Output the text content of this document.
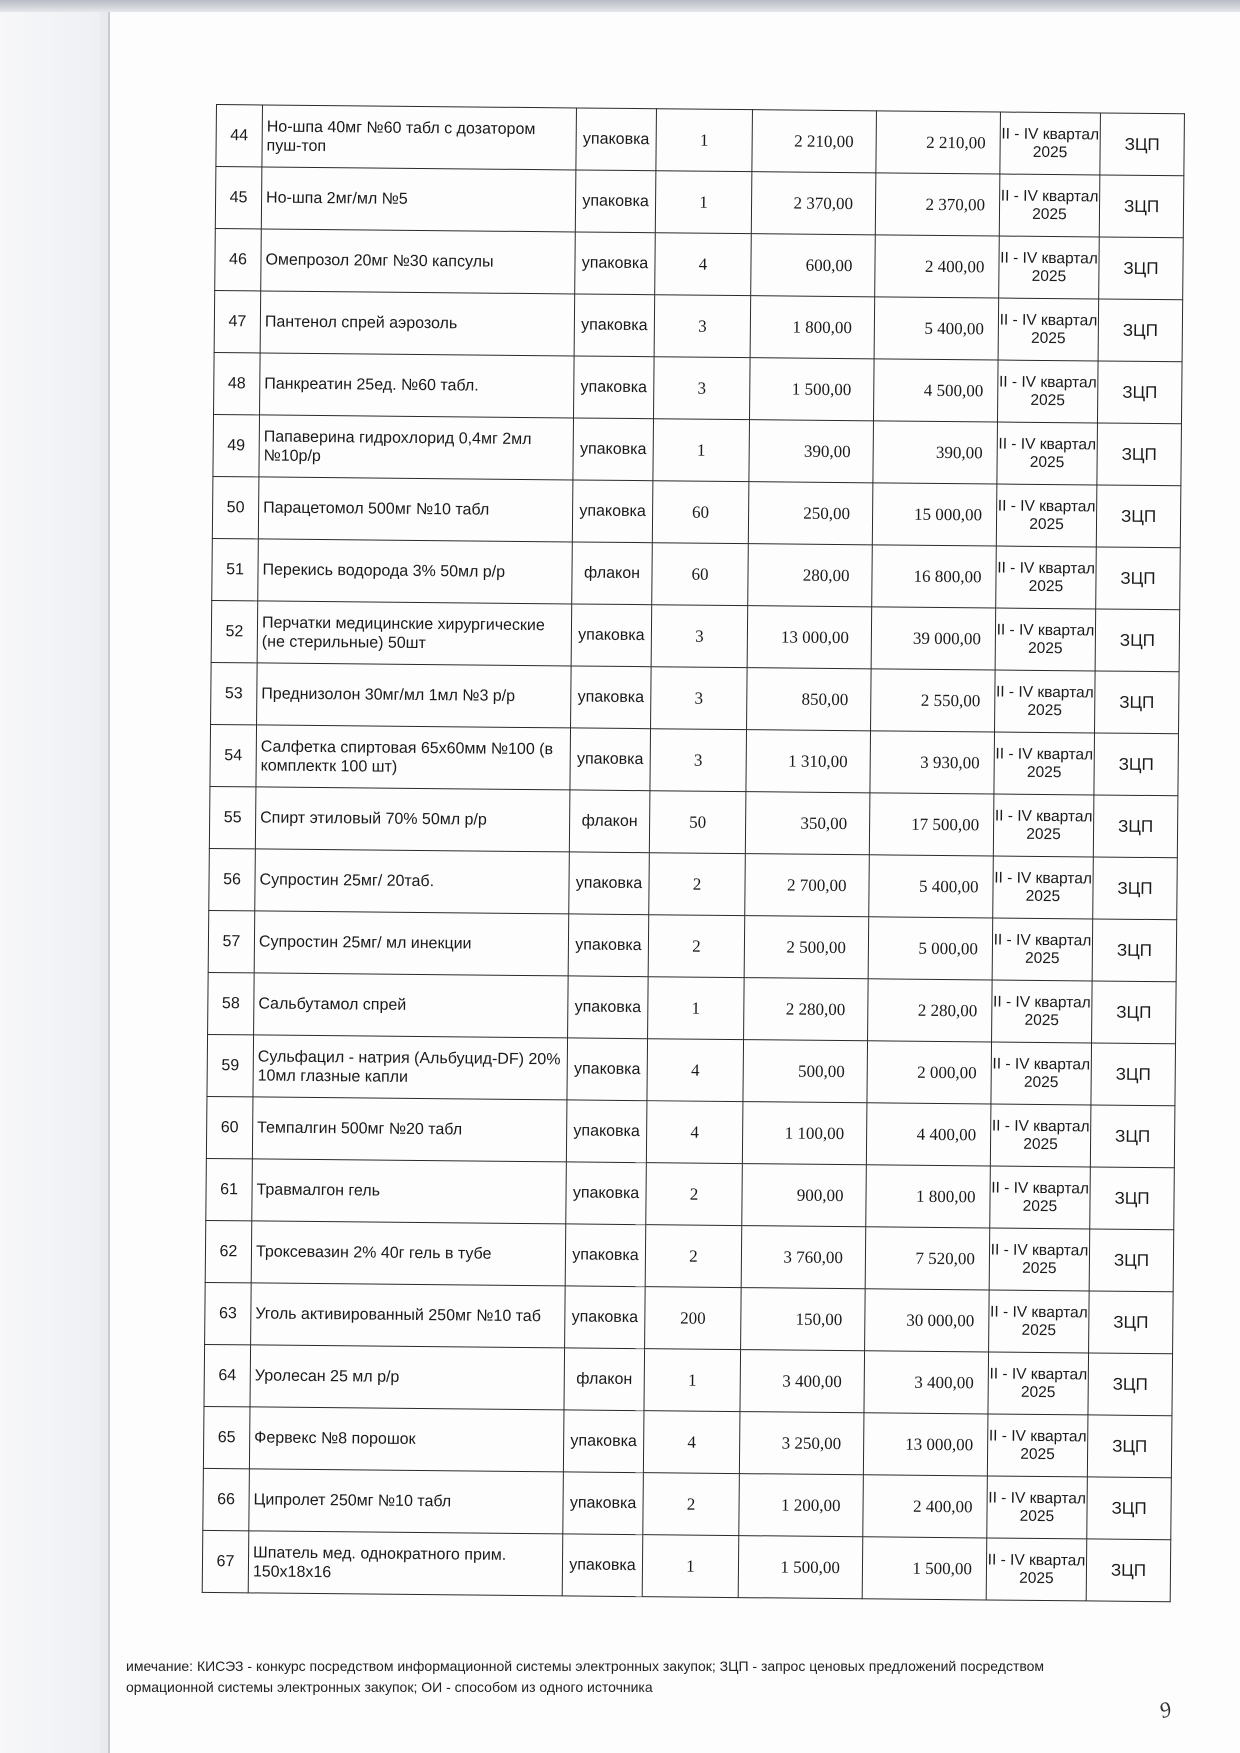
44	Но-шпа 40мг №60 табл с дозатором пуш-топ	упаковка	1	2 210,00	2 210,00	II - IV квартал 2025	ЗЦП
45	Но-шпа 2мг/мл №5	упаковка	1	2 370,00	2 370,00	II - IV квартал 2025	ЗЦП
46	Омепрозол 20мг №30 капсулы	упаковка	4	600,00	2 400,00	II - IV квартал 2025	ЗЦП
47	Пантенол спрей аэрозоль	упаковка	3	1 800,00	5 400,00	II - IV квартал 2025	ЗЦП
48	Панкреатин 25ед. №60 табл.	упаковка	3	1 500,00	4 500,00	II - IV квартал 2025	ЗЦП
49	Папаверина гидрохлорид 0,4мг 2мл №10р/р	упаковка	1	390,00	390,00	II - IV квартал 2025	ЗЦП
50	Парацетомол 500мг №10 табл	упаковка	60	250,00	15 000,00	II - IV квартал 2025	ЗЦП
51	Перекись водорода 3% 50мл р/р	флакон	60	280,00	16 800,00	II - IV квартал 2025	ЗЦП
52	Перчатки медицинские хирургические (не стерильные) 50шт	упаковка	3	13 000,00	39 000,00	II - IV квартал 2025	ЗЦП
53	Преднизолон 30мг/мл 1мл №3 р/р	упаковка	3	850,00	2 550,00	II - IV квартал 2025	ЗЦП
54	Салфетка спиртовая 65х60мм №100 (в комплектк 100 шт)	упаковка	3	1 310,00	3 930,00	II - IV квартал 2025	ЗЦП
55	Спирт этиловый 70% 50мл р/р	флакон	50	350,00	17 500,00	II - IV квартал 2025	ЗЦП
56	Супростин 25мг/ 20таб.	упаковка	2	2 700,00	5 400,00	II - IV квартал 2025	ЗЦП
57	Супростин 25мг/ мл инекции	упаковка	2	2 500,00	5 000,00	II - IV квартал 2025	ЗЦП
58	Сальбутамол спрей	упаковка	1	2 280,00	2 280,00	II - IV квартал 2025	ЗЦП
59	Сульфацил - натрия (Альбуцид-DF) 20% 10мл глазные капли	упаковка	4	500,00	2 000,00	II - IV квартал 2025	ЗЦП
60	Темпалгин 500мг №20 табл	упаковка	4	1 100,00	4 400,00	II - IV квартал 2025	ЗЦП
61	Травмалгон гель	упаковка	2	900,00	1 800,00	II - IV квартал 2025	ЗЦП
62	Троксевазин 2% 40г гель в тубе	упаковка	2	3 760,00	7 520,00	II - IV квартал 2025	ЗЦП
63	Уголь активированный 250мг №10 таб	упаковка	200	150,00	30 000,00	II - IV квартал 2025	ЗЦП
64	Уролесан 25 мл р/р	флакон	1	3 400,00	3 400,00	II - IV квартал 2025	ЗЦП
65	Фервекс №8 порошок	упаковка	4	3 250,00	13 000,00	II - IV квартал 2025	ЗЦП
66	Ципролет 250мг №10 табл	упаковка	2	1 200,00	2 400,00	II - IV квартал 2025	ЗЦП
67	Шпатель мед. однократного прим. 150х18х16	упаковка	1	1 500,00	1 500,00	II - IV квартал 2025	ЗЦП
имечание: КИСЭЗ - конкурс посредством информационной системы электронных закупок; ЗЦП - запрос ценовых предложений посредством ормационной системы электронных закупок; ОИ - способом из одного источника
9
